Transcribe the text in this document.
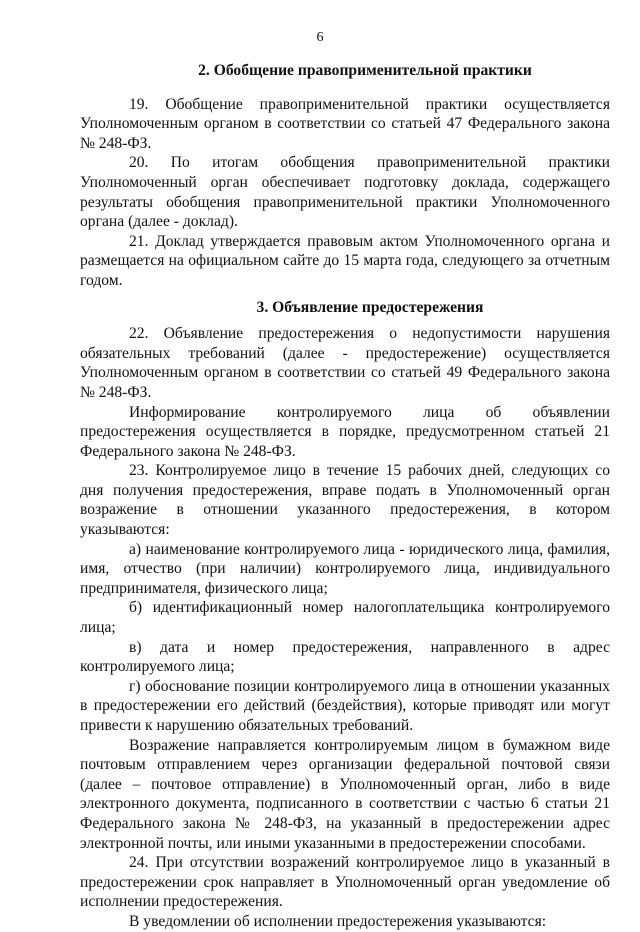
6

2. Обобщение правоприменительной практики

19. Обобщение правоприменительной практики осуществляется Уполномоченным органом в соответствии со статьей 47 Федерального закона № 248-ФЗ.

20. По итогам обобщения правоприменительной практики Уполномоченный орган обеспечивает подготовку доклада, содержащего результаты обобщения правоприменительной практики Уполномоченного органа (далее - доклад).

21. Доклад утверждается правовым актом Уполномоченного органа и размещается на официальном сайте до 15 марта года, следующего за отчетным годом.

3. Объявление предостережения

22. Объявление предостережения о недопустимости нарушения обязательных требований (далее - предостережение) осуществляется Уполномоченным органом в соответствии со статьей 49 Федерального закона № 248-ФЗ.

Информирование контролируемого лица об объявлении предостережения осуществляется в порядке, предусмотренном статьей 21 Федерального закона № 248-ФЗ.

23. Контролируемое лицо в течение 15 рабочих дней, следующих со дня получения предостережения, вправе подать в Уполномоченный орган возражение в отношении указанного предостережения, в котором указываются:

а) наименование контролируемого лица - юридического лица, фамилия, имя, отчество (при наличии) контролируемого лица, индивидуального предпринимателя, физического лица;

б) идентификационный номер налогоплательщика контролируемого лица;

в) дата и номер предостережения, направленного в адрес контролируемого лица;

г) обоснование позиции контролируемого лица в отношении указанных в предостережении его действий (бездействия), которые приводят или могут привести к нарушению обязательных требований.

Возражение направляется контролируемым лицом в бумажном виде почтовым отправлением через организации федеральной почтовой связи (далее – почтовое отправление) в Уполномоченный орган, либо в виде электронного документа, подписанного в соответствии с частью 6 статьи 21 Федерального закона № 248-ФЗ, на указанный в предостережении адрес электронной почты, или иными указанными в предостережении способами.

24. При отсутствии возражений контролируемое лицо в указанный в предостережении срок направляет в Уполномоченный орган уведомление об исполнении предостережения.

В уведомлении об исполнении предостережения указываются:
